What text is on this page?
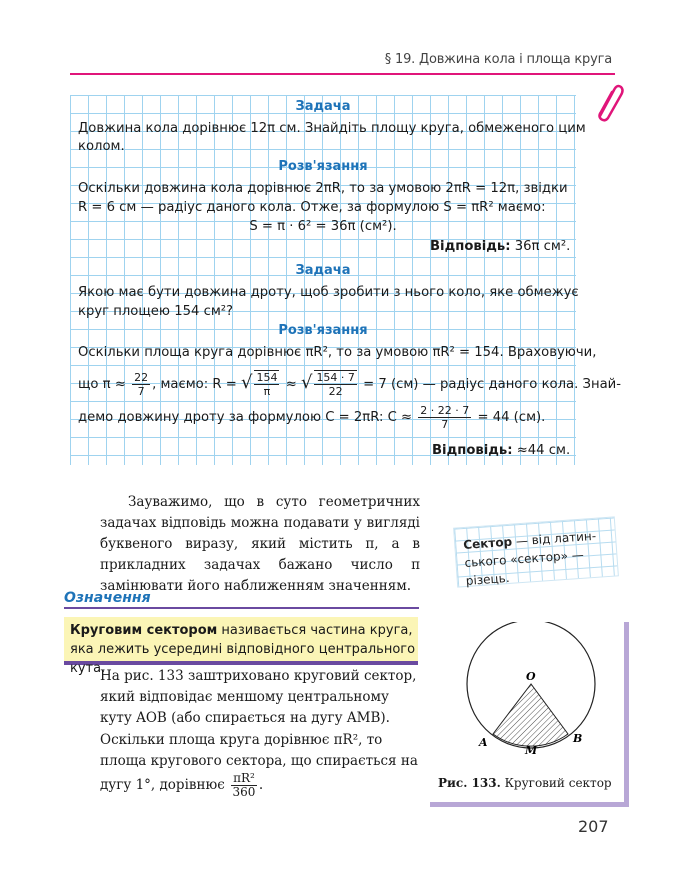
§ 19. Довжина кола і площа круга
Задача
Довжина кола дорівнює 12π см. Знайдіть площу круга, обмеженого цим
колом.
Розв'язання
Оскільки довжина кола дорівнює 2πR, то за умовою 2πR = 12π, звідки
R = 6 см — радіус даного кола. Отже, за формулою S = πR² маємо:
S = π · 6² = 36π (см²).
Відповідь: 36π см².
Задача
Якою має бути довжина дроту, щоб зробити з нього коло, яке обмежує
круг площею 154 см²?
Розв'язання
Оскільки площа круга дорівнює πR², то за умовою πR² = 154. Враховуючи,
що $\pi \approx \frac{22}{7}$ , маємо: R = √ $\frac{154}{\pi}$ ≈ √ $\frac{154 \cdot 7}{22} = 7$ (см) — радіус даного кола. Знай-
демо довжину дроту за формулою C = 2πR: $C \approx \frac{2 \cdot 22 \cdot 7}{7} = 44$ (см).
Відповідь: ≈44 см.
Зауважимо, що в суто геометричних задачах відповідь можна подавати у вигляді буквеного виразу, який містить π, а в прикладних задачах бажано число π замінювати його наближенням значенням.
Сектор — від латин-ського «сектор» — різець.
Означення
Круговим сектором називається частина круга, яка лежить усередині відповідного центрального кута.
На рис. 133 заштриховано круговий сектор, який відповідає меншому центральному куту AOB (або спирається на дугу AMB).
Оскільки площа круга дорівнює πR², то площа кругового сектора, що спирається на дугу 1°, дорівнює $\frac{\text{πR²}}{360}$ .
O
A	B
M
Рис. 133. Круговий сектор
207
